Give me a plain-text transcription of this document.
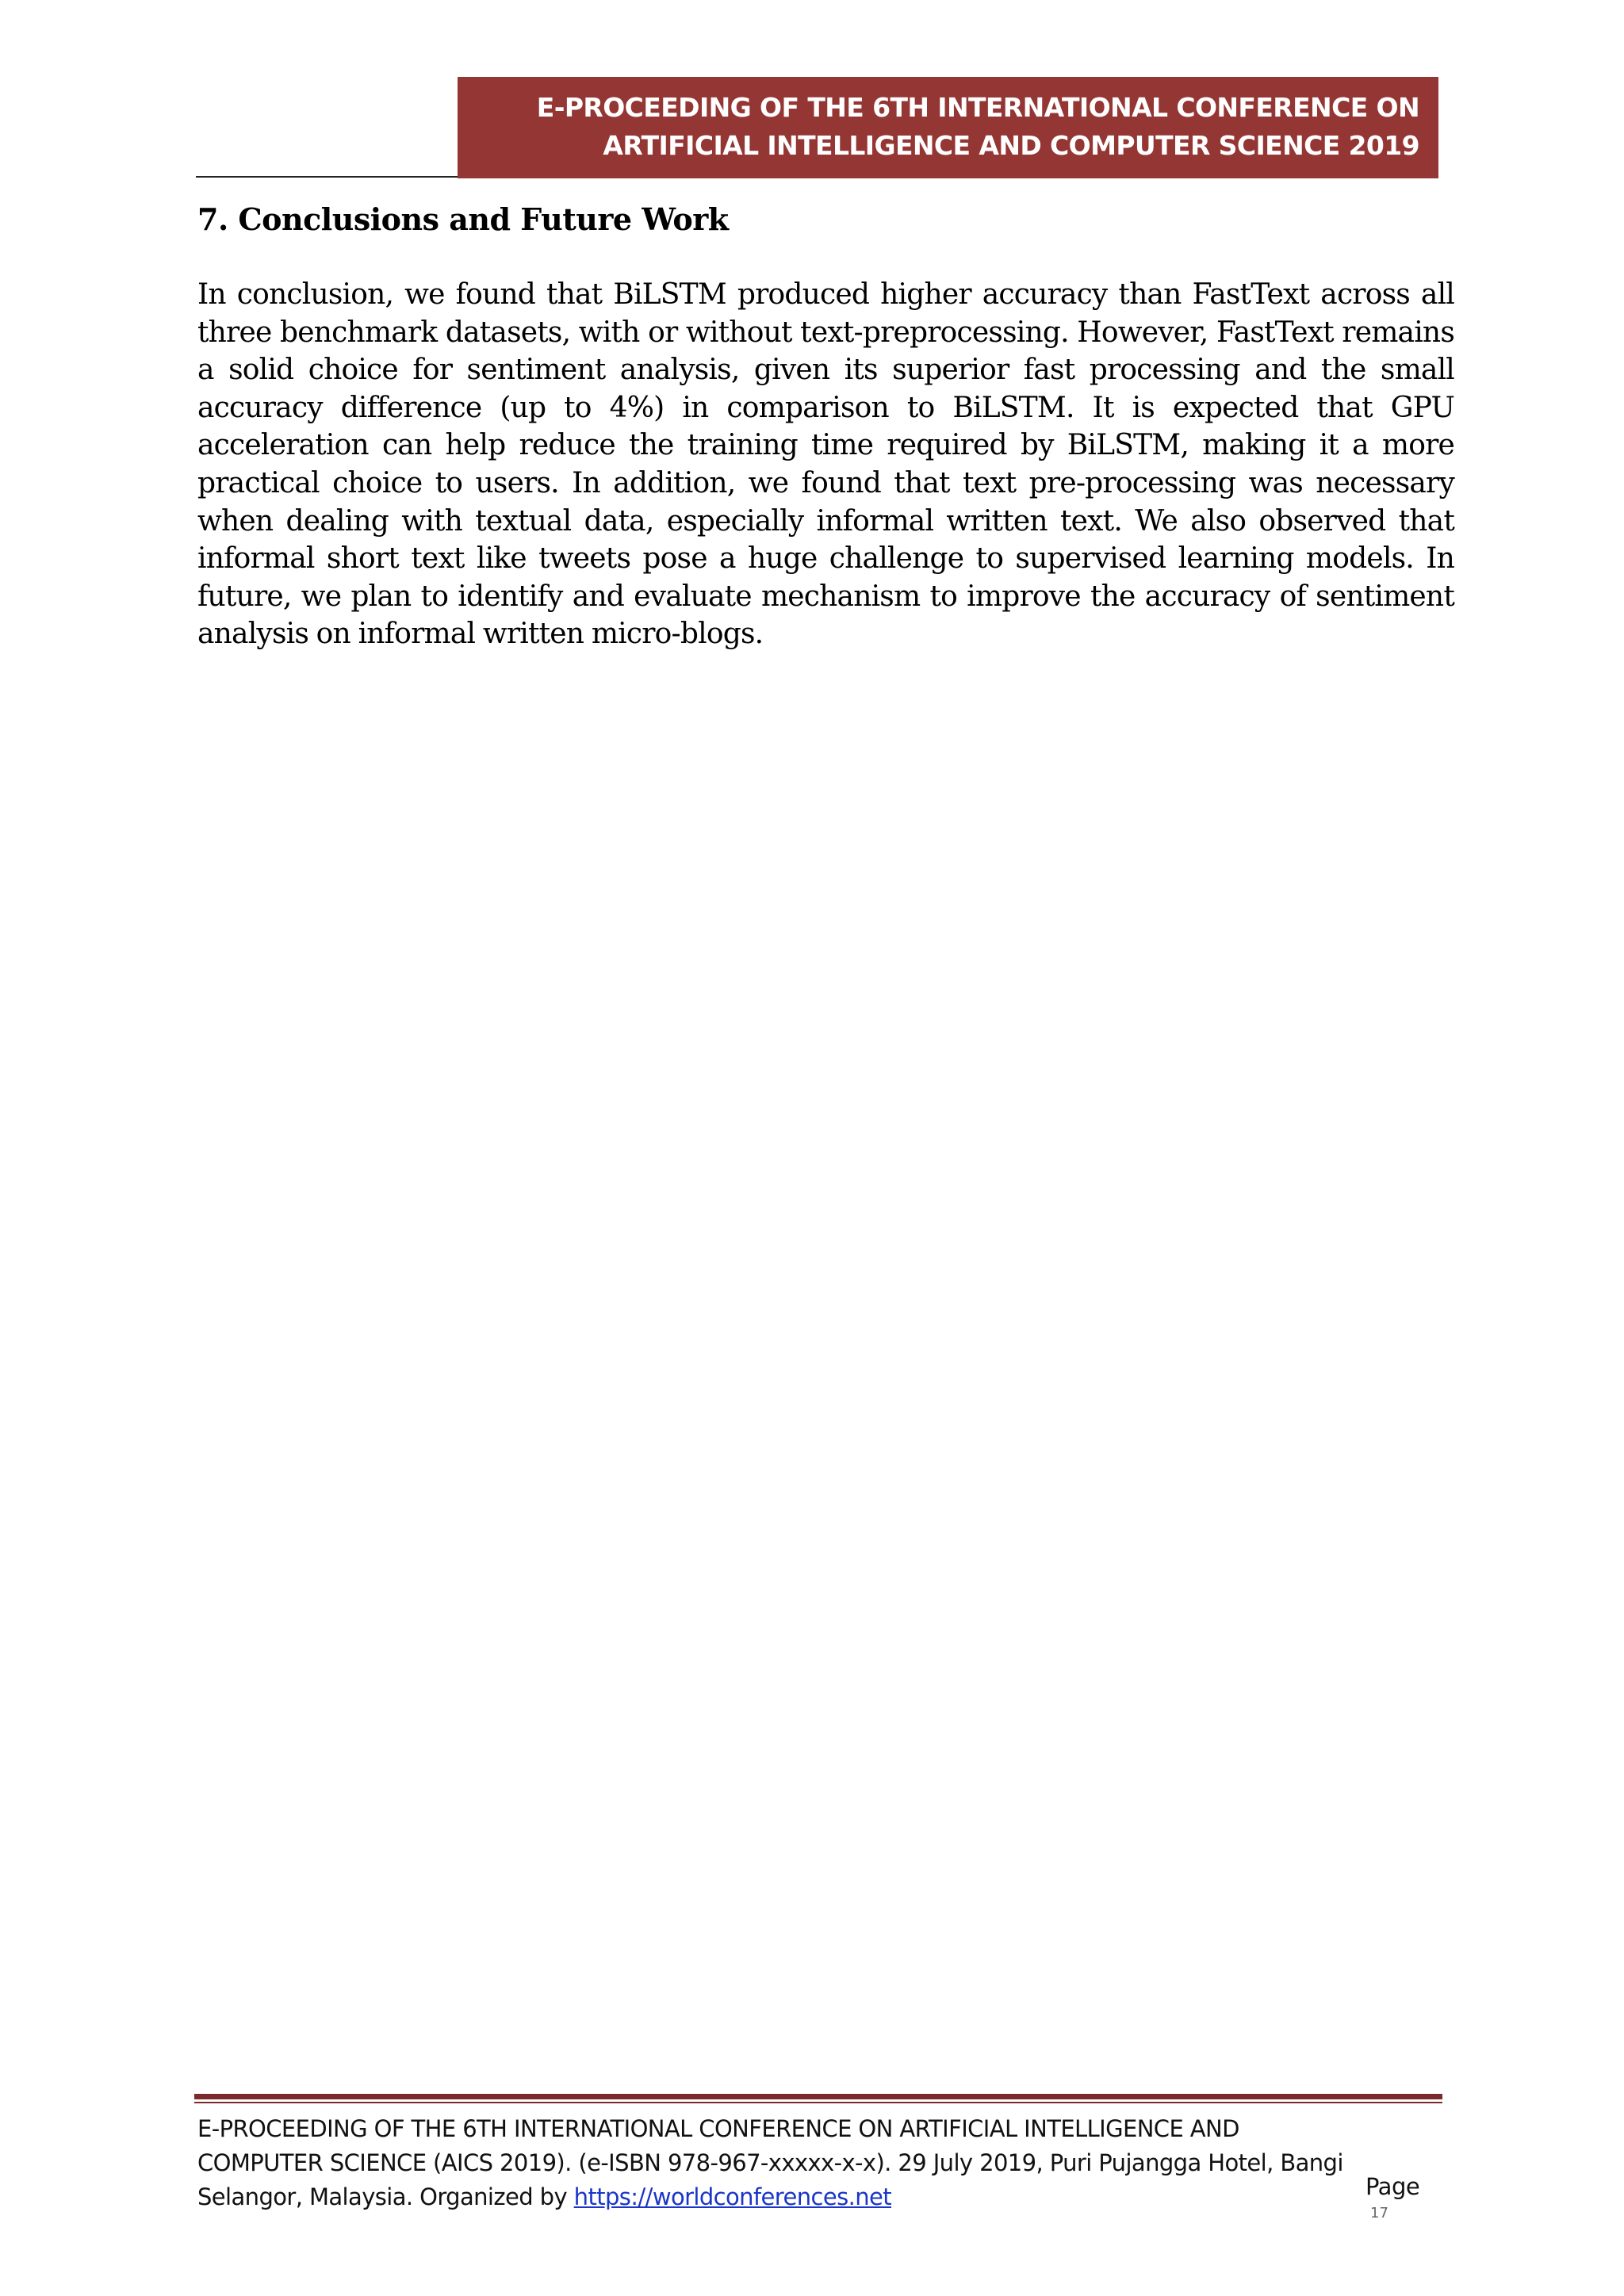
E-PROCEEDING OF THE 6TH INTERNATIONAL CONFERENCE ON
ARTIFICIAL INTELLIGENCE AND COMPUTER SCIENCE 2019
7. Conclusions and Future Work

In conclusion, we found that BiLSTM produced higher accuracy than FastText across all three benchmark datasets, with or without text-preprocessing. However, FastText remains a solid choice for sentiment analysis, given its superior fast processing and the small accuracy difference (up to 4%) in comparison to BiLSTM. It is expected that GPU acceleration can help reduce the training time required by BiLSTM, making it a more practical choice to users. In addition, we found that text pre-processing was necessary when dealing with textual data, especially informal written text. We also observed that informal short text like tweets pose a huge challenge to supervised learning models. In future, we plan to identify and evaluate mechanism to improve the accuracy of sentiment analysis on informal written micro-blogs.

E-PROCEEDING OF THE 6TH INTERNATIONAL CONFERENCE ON ARTIFICIAL INTELLIGENCE AND
COMPUTER SCIENCE (AICS 2019). (e-ISBN 978-967-xxxxx-x-x). 29 July 2019, Puri Pujangga Hotel, Bangi
Selangor, Malaysia. Organized by https://worldconferences.net	Page
17
